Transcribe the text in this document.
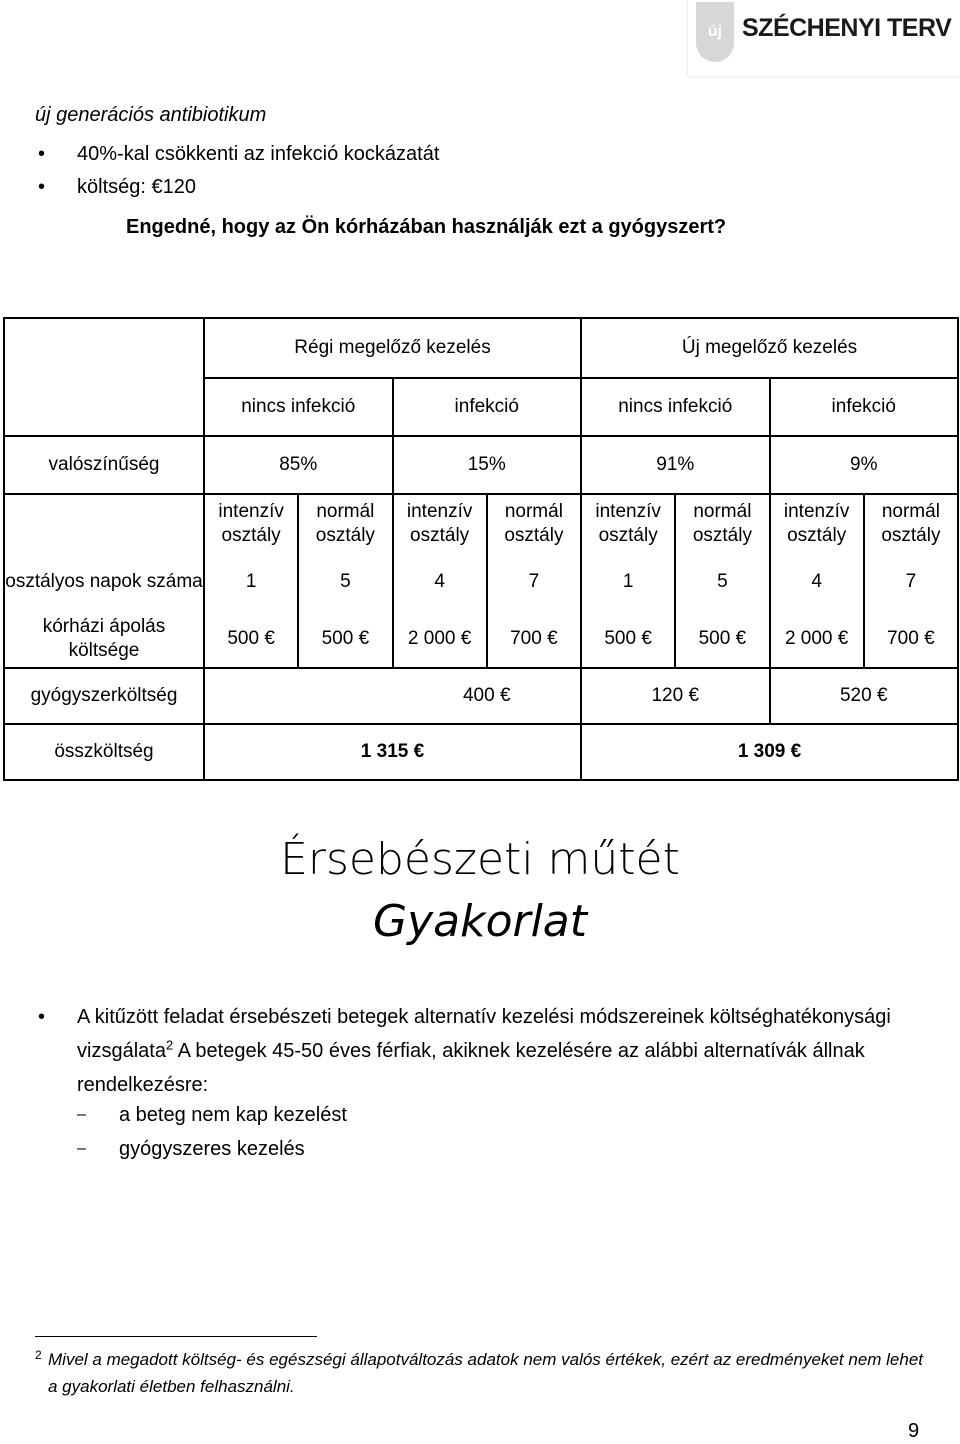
új SZÉCHENYI TERV
új generációs antibiotikum
• 40%-kal csökkenti az infekció kockázatát
• költség: €120
Engedné, hogy az Ön kórházában használják ezt a gyógyszert?
	Régi megelőző kezelés				Új megelőző kezelés			
	nincs infekció		infekció		nincs infekció		infekció	
valószínűség	85%		15%		91%		9%	
	intenzív osztály	normál osztály	intenzív osztály	normál osztály	intenzív osztály	normál osztály	intenzív osztály	normál osztály
osztályos napok száma	1	5	4	7	1	5	4	7
kórházi ápolás költsége	500 €	500 €	2 000 €	700 €	500 €	500 €	2 000 €	700 €
gyógyszerköltség			400 €		120 €		520 €	
összköltség	1 315 €				1 309 €			
Érsebészeti műtét
Gyakorlat
• A kitűzött feladat érsebészeti betegek alternatív kezelési módszereinek költséghatékonysági vizsgálata$^2$ A betegek 45-50 éves férfiak, akiknek kezelésére az alábbi alternatívák állnak rendelkezésre:
– a beteg nem kap kezelést
– gyógyszeres kezelés
2 Mivel a megadott költség- és egészségi állapotváltozás adatok nem valós értékek, ezért az eredményeket nem lehet a gyakorlati életben felhasználni.
9
